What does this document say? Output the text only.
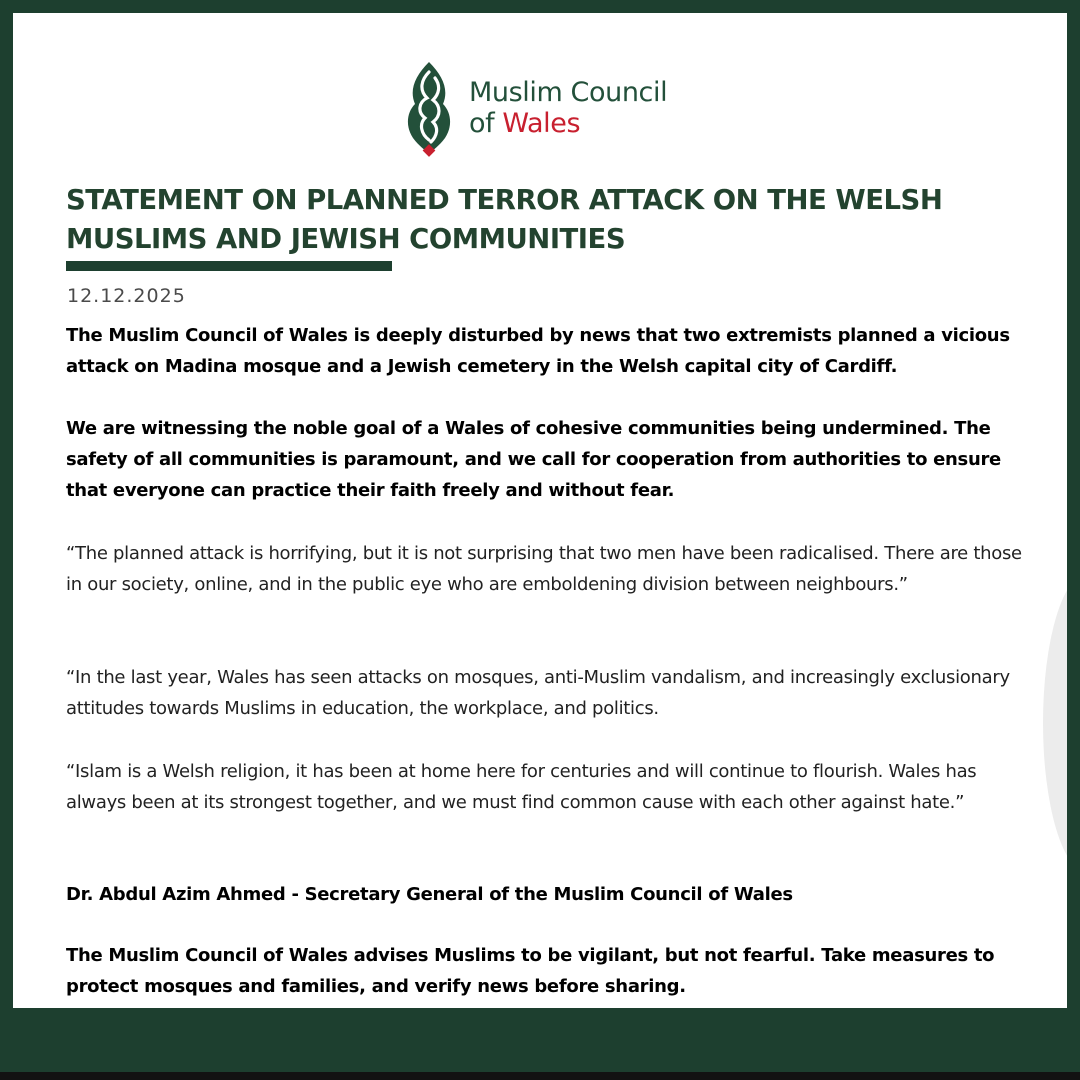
Muslim Council
of Wales
STATEMENT ON PLANNED TERROR ATTACK ON THE WELSH MUSLIMS AND JEWISH COMMUNITIES
12.12.2025

The Muslim Council of Wales is deeply disturbed by news that two extremists planned a vicious attack on Madina mosque and a Jewish cemetery in the Welsh capital city of Cardiff.

We are witnessing the noble goal of a Wales of cohesive communities being undermined. The safety of all communities is paramount, and we call for cooperation from authorities to ensure that everyone can practice their faith freely and without fear.

“The planned attack is horrifying, but it is not surprising that two men have been radicalised. There are those in our society, online, and in the public eye who are emboldening division between neighbours.”

“In the last year, Wales has seen attacks on mosques, anti-Muslim vandalism, and increasingly exclusionary attitudes towards Muslims in education, the workplace, and politics.

“Islam is a Welsh religion, it has been at home here for centuries and will continue to flourish. Wales has always been at its strongest together, and we must find common cause with each other against hate.”

Dr. Abdul Azim Ahmed - Secretary General of the Muslim Council of Wales

The Muslim Council of Wales advises Muslims to be vigilant, but not fearful. Take measures to protect mosques and families, and verify news before sharing.
